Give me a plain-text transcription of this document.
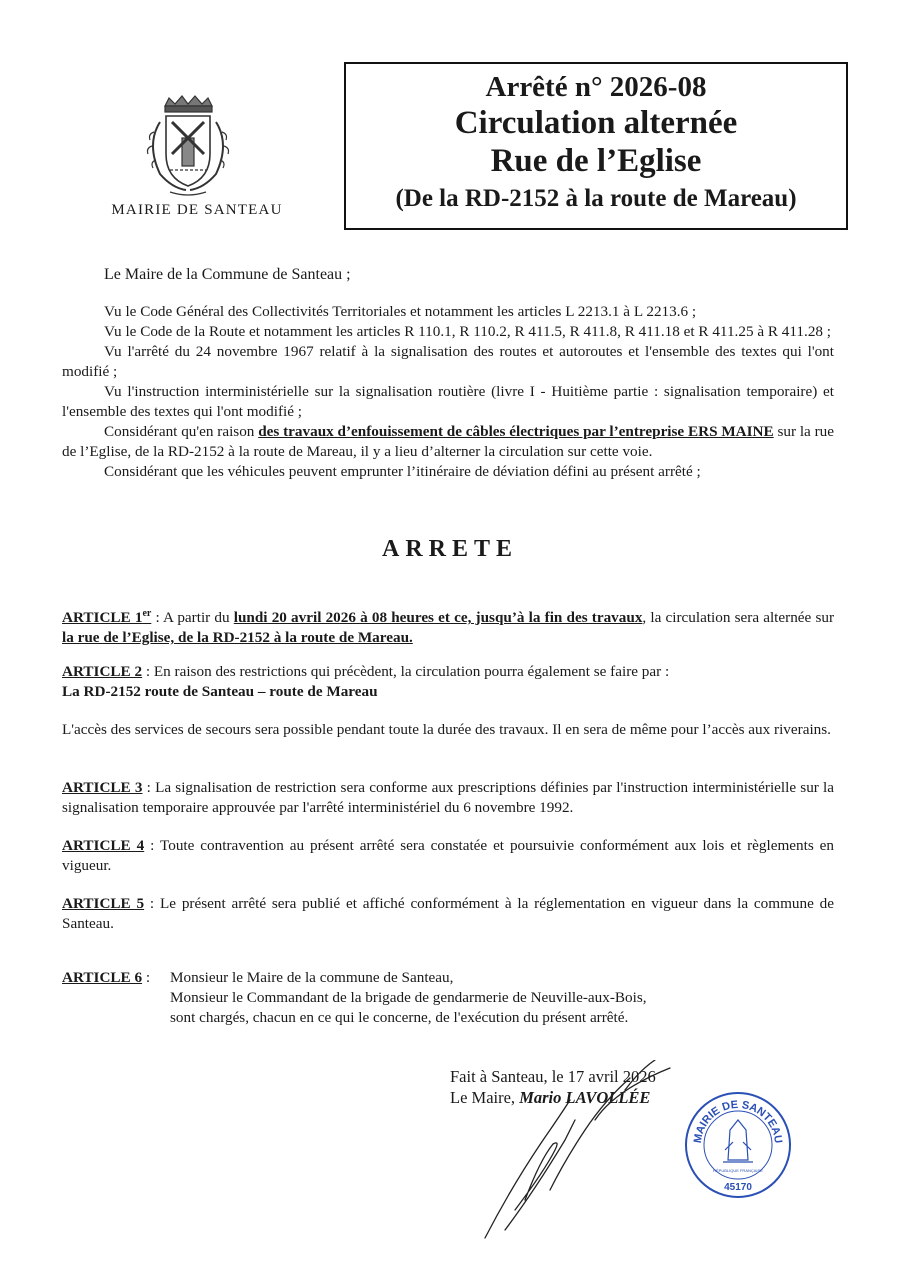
MAIRIE DE SANTEAU
Arrêté n° 2026-08
Circulation alternée
Rue de l’Eglise
(De la RD-2152 à la route de Mareau)
Le Maire de la Commune de Santeau ;
Vu le Code Général des Collectivités Territoriales et notamment les articles L 2213.1 à L 2213.6 ;
Vu le Code de la Route et notamment les articles R 110.1, R 110.2, R 411.5, R 411.8, R 411.18 et R 411.25 à R 411.28 ;
Vu l'arrêté du 24 novembre 1967 relatif à la signalisation des routes et autoroutes et l'ensemble des textes qui l'ont modifié ;
Vu l'instruction interministérielle sur la signalisation routière (livre I - Huitième partie : signalisation temporaire) et l'ensemble des textes qui l'ont modifié ;
Considérant qu'en raison des travaux d’enfouissement de câbles électriques par l’entreprise ERS MAINE sur la rue de l’Eglise, de la RD-2152 à la route de Mareau, il y a lieu d’alterner la circulation sur cette voie.
Considérant que les véhicules peuvent emprunter l’itinéraire de déviation défini au présent arrêté ;
ARRETE
ARTICLE 1er : A partir du lundi 20 avril 2026 à 08 heures et ce, jusqu’à la fin des travaux, la circulation sera alternée sur la rue de l’Eglise, de la RD-2152 à la route de Mareau.
ARTICLE 2 : En raison des restrictions qui précèdent, la circulation pourra également se faire par :
La RD-2152 route de Santeau – route de Mareau
L'accès des services de secours sera possible pendant toute la durée des travaux. Il en sera de même pour l’accès aux riverains.
ARTICLE 3 : La signalisation de restriction sera conforme aux prescriptions définies par l'instruction interministérielle sur la signalisation temporaire approuvée par l'arrêté interministériel du 6 novembre 1992.
ARTICLE 4 : Toute contravention au présent arrêté sera constatée et poursuivie conformément aux lois et règlements en vigueur.
ARTICLE 5 : Le présent arrêté sera publié et affiché conformément à la réglementation en vigueur dans la commune de Santeau.
ARTICLE 6 :	Monsieur le Maire de la commune de Santeau,
Monsieur le Commandant de la brigade de gendarmerie de Neuville-aux-Bois,
sont chargés, chacun en ce qui le concerne, de l'exécution du présent arrêté.
Fait à Santeau, le 17 avril 2026
Le Maire, Mario LAVOLLÉE
MAIRIE DE SANTEAU
RÉPUBLIQUE FRANÇAISE
45170
